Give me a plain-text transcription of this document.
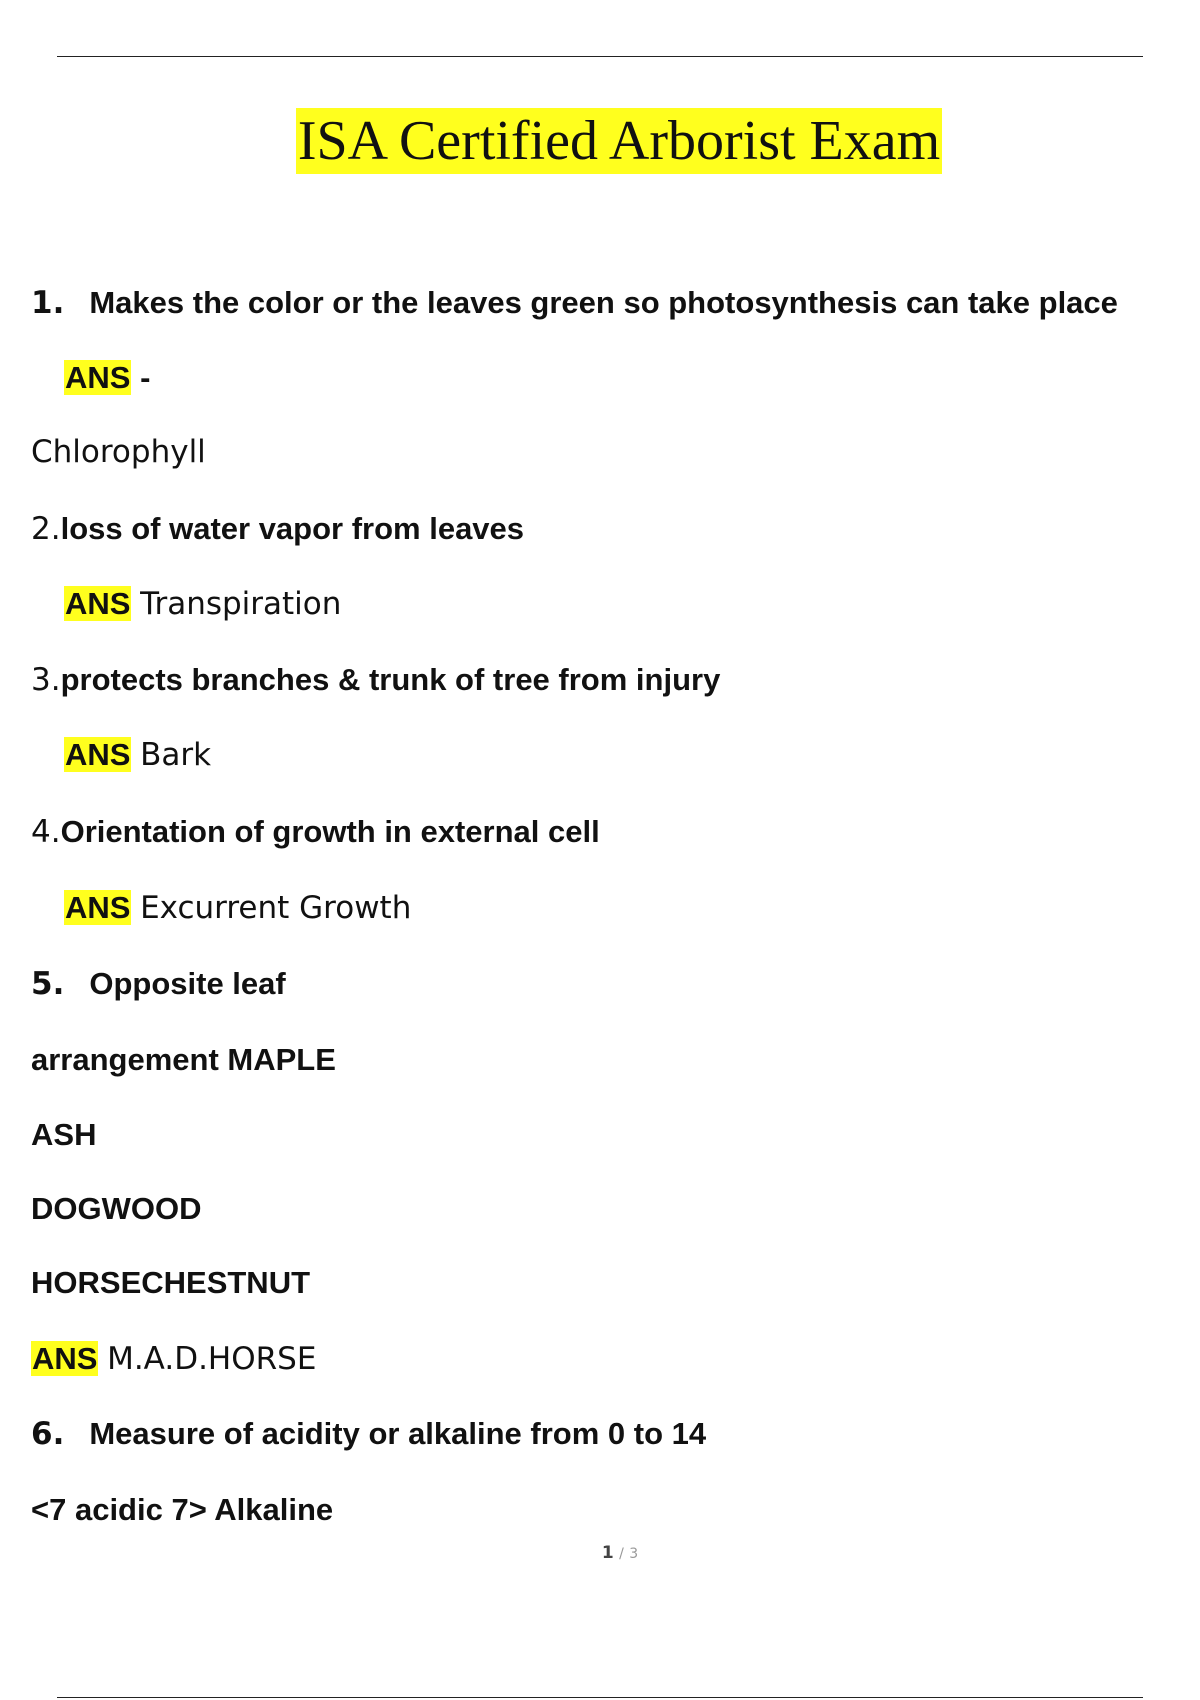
ISA Certified Arborist Exam
1. Makes the color or the leaves green so photosynthesis can take place
ANS -
Chlorophyll
2.loss of water vapor from leaves
ANS Transpiration
3.protects branches & trunk of tree from injury
ANS Bark
4.Orientation of growth in external cell
ANS Excurrent Growth
5. Opposite leaf
arrangement MAPLE
ASH
DOGWOOD
HORSECHESTNUT
ANS M.A.D.HORSE
6. Measure of acidity or alkaline from 0 to 14
<7 acidic 7> Alkaline
1 / 3
